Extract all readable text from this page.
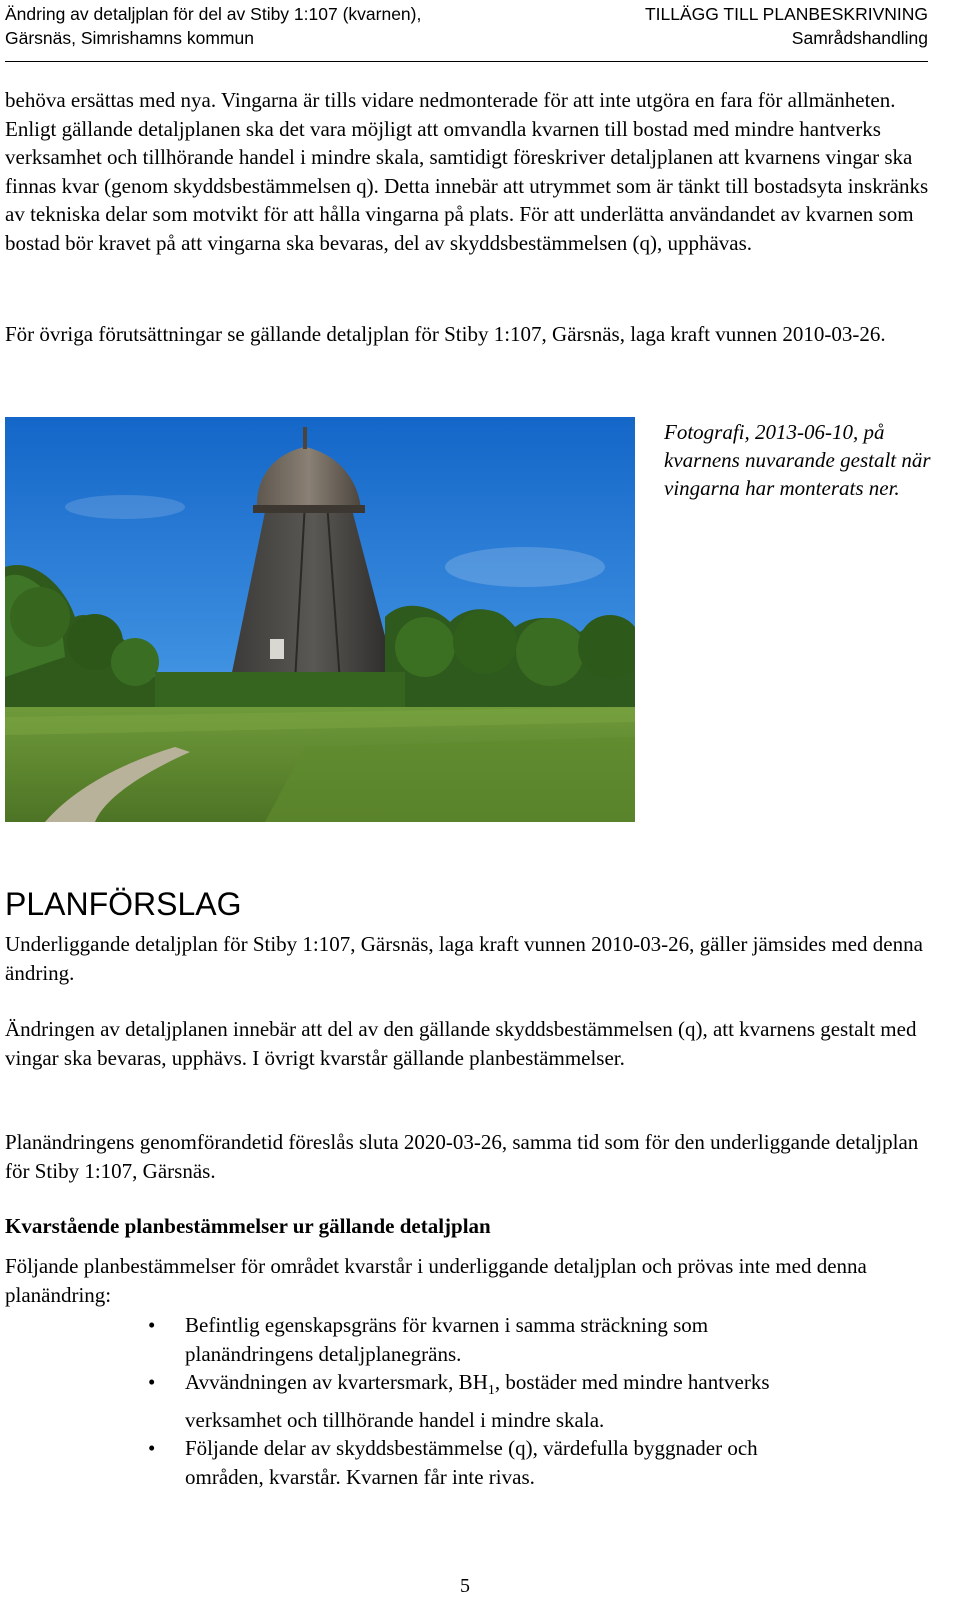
Ändring av detaljplan för del av Stiby 1:107 (kvarnen),
Gärsnäs, Simrishamns kommun
TILLÄGG TILL PLANBESKRIVNING
Samrådshandling

behöva ersättas med nya. Vingarna är tills vidare nedmonterade för att inte utgöra en fara för allmänheten. Enligt gällande detaljplanen ska det vara möjligt att omvandla kvarnen till bostad med mindre hantverks verksamhet och tillhörande handel i mindre skala, samtidigt föreskriver detaljplanen att kvarnens vingar ska finnas kvar (genom skyddsbestämmelsen q). Detta innebär att utrymmet som är tänkt till bostadsyta inskränks av tekniska delar som motvikt för att hålla vingarna på plats. För att underlätta användandet av kvarnen som bostad bör kravet på att vingarna ska bevaras, del av skyddsbestämmelsen (q), upphävas.

För övriga förutsättningar se gällande detaljplan för Stiby 1:107, Gärsnäs, laga kraft vunnen 2010-03-26.

Fotografi, 2013-06-10, på kvarnens nuvarande gestalt när vingarna har monterats ner.

PLANFÖRSLAG

Underliggande detaljplan för Stiby 1:107, Gärsnäs, laga kraft vunnen 2010-03-26, gäller jämsides med denna ändring.

Ändringen av detaljplanen innebär att del av den gällande skyddsbestämmelsen (q), att kvarnens gestalt med vingar ska bevaras, upphävs. I övrigt kvarstår gällande planbestämmelser.

Planändringens genomförandetid föreslås sluta 2020-03-26, samma tid som för den underliggande detaljplan för Stiby 1:107, Gärsnäs.

Kvarstående planbestämmelser ur gällande detaljplan

Följande planbestämmelser för området kvarstår i underliggande detaljplan och prövas inte med denna planändring:

• Befintlig egenskapsgräns för kvarnen i samma sträckning som planändringens detaljplanegräns.
• Avvändningen av kvartersmark, $BH_1$, bostäder med mindre hantverks verksamhet och tillhörande handel i mindre skala.
• Följande delar av skyddsbestämmelse (q), värdefulla byggnader och områden, kvarstår. Kvarnen får inte rivas.
5
